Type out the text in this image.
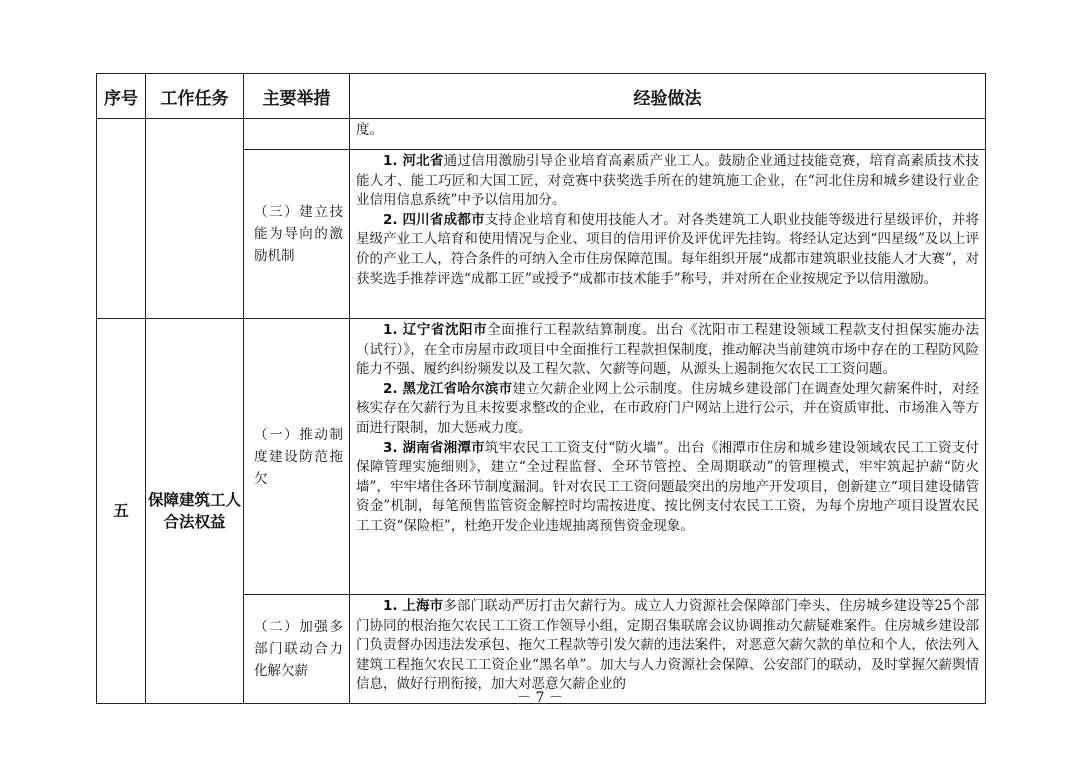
序号	工作任务	主要举措	经验做法

			度。

		（三）建立技能为导向的激励机制	1. 河北省通过信用激励引导企业培育高素质产业工人。鼓励企业通过技能竞赛，培育高素质技术技能人才、能工巧匠和大国工匠，对竞赛中获奖选手所在的建筑施工企业，在“河北住房和城乡建设行业企业信用信息系统”中予以信用加分。

2. 四川省成都市支持企业培育和使用技能人才。对各类建筑工人职业技能等级进行星级评价，并将星级产业工人培育和使用情况与企业、项目的信用评价及评优评先挂钩。将经认定达到“四星级”及以上评价的产业工人，符合条件的可纳入全市住房保障范围。每年组织开展“成都市建筑职业技能人才大赛”，对获奖选手推荐评选“成都工匠”或授予“成都市技术能手”称号，并对所在企业按规定予以信用激励。

五	保障建筑工人合法权益	（一）推动制度建设防范拖欠	1. 辽宁省沈阳市全面推行工程款结算制度。出台《沈阳市工程建设领域工程款支付担保实施办法（试行）》，在全市房屋市政项目中全面推行工程款担保制度，推动解决当前建筑市场中存在的工程防风险能力不强、履约纠纷频发以及工程欠款、欠薪等问题，从源头上遏制拖欠农民工工资问题。

2. 黑龙江省哈尔滨市建立欠薪企业网上公示制度。住房城乡建设部门在调查处理欠薪案件时，对经核实存在欠薪行为且未按要求整改的企业，在市政府门户网站上进行公示，并在资质审批、市场准入等方面进行限制，加大惩戒力度。

3. 湖南省湘潭市筑牢农民工工资支付“防火墙”。出台《湘潭市住房和城乡建设领域农民工工资支付保障管理实施细则》，建立“全过程监督、全环节管控、全周期联动”的管理模式，牢牢筑起护薪“防火墙”，牢牢堵住各环节制度漏洞。针对农民工工资问题最突出的房地产开发项目，创新建立“项目建设储管资金”机制，每笔预售监管资金解控时均需按进度、按比例支付农民工工资，为每个房地产项目设置农民工工资“保险柜”，杜绝开发企业违规抽离预售资金现象。

		（二）加强多部门联动合力化解欠薪	1. 上海市多部门联动严厉打击欠薪行为。成立人力资源社会保障部门牵头、住房城乡建设等25个部门协同的根治拖欠农民工工资工作领导小组，定期召集联席会议协调推动欠薪疑难案件。住房城乡建设部门负责督办因违法发承包、拖欠工程款等引发欠薪的违法案件，对恶意欠薪欠款的单位和个人，依法列入建筑工程拖欠农民工工资企业“黑名单”。加大与人力资源社会保障、公安部门的联动，及时掌握欠薪舆情信息，做好行刑衔接，加大对恶意欠薪企业的

－ 7 －
